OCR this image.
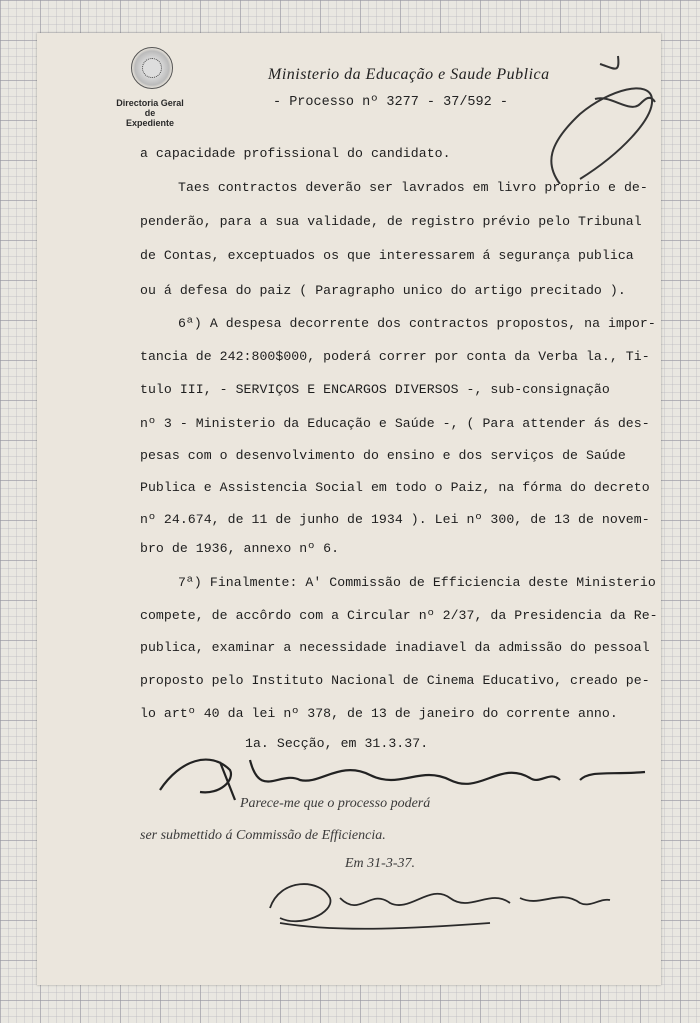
Directoria Geral
de
Expediente
Ministerio da Educação e Saude Publica
- Processo nº 3277 - 37/592 -
a capacidade profissional do candidato.
Taes contractos deverão ser lavrados em livro proprio e de-
penderão, para a sua validade, de registro prévio pelo Tribunal
de Contas, exceptuados os que interessarem á segurança publica
ou á defesa do paiz ( Paragrapho unico do artigo precitado ).
6ª) A despesa decorrente dos contractos propostos, na impor-
tancia de 242:800$000, poderá correr por conta da Verba la., Ti-
tulo III, - SERVIÇOS E ENCARGOS DIVERSOS -, sub-consignação
nº 3 - Ministerio da Educação e Saúde -, ( Para attender ás des-
pesas com o desenvolvimento do ensino e dos serviços de Saúde
Publica e Assistencia Social em todo o Paiz, na fórma do decreto
nº 24.674, de 11 de junho de 1934 ). Lei nº 300, de 13 de novem-
bro de 1936, annexo nº 6.
7ª) Finalmente: A' Commissão de Efficiencia deste Ministerio
compete, de accôrdo com a Circular nº 2/37, da Presidencia da Re-
publica, examinar a necessidade inadiavel da admissão do pessoal
proposto pelo Instituto Nacional de Cinema Educativo, creado pe-
lo artº 40 da lei nº 378, de 13 de janeiro do corrente anno.
1a. Secção, em 31.3.37.
Parece-me que o processo poderá
ser submettido á Commissão de Efficiencia.
Em 31-3-37.
